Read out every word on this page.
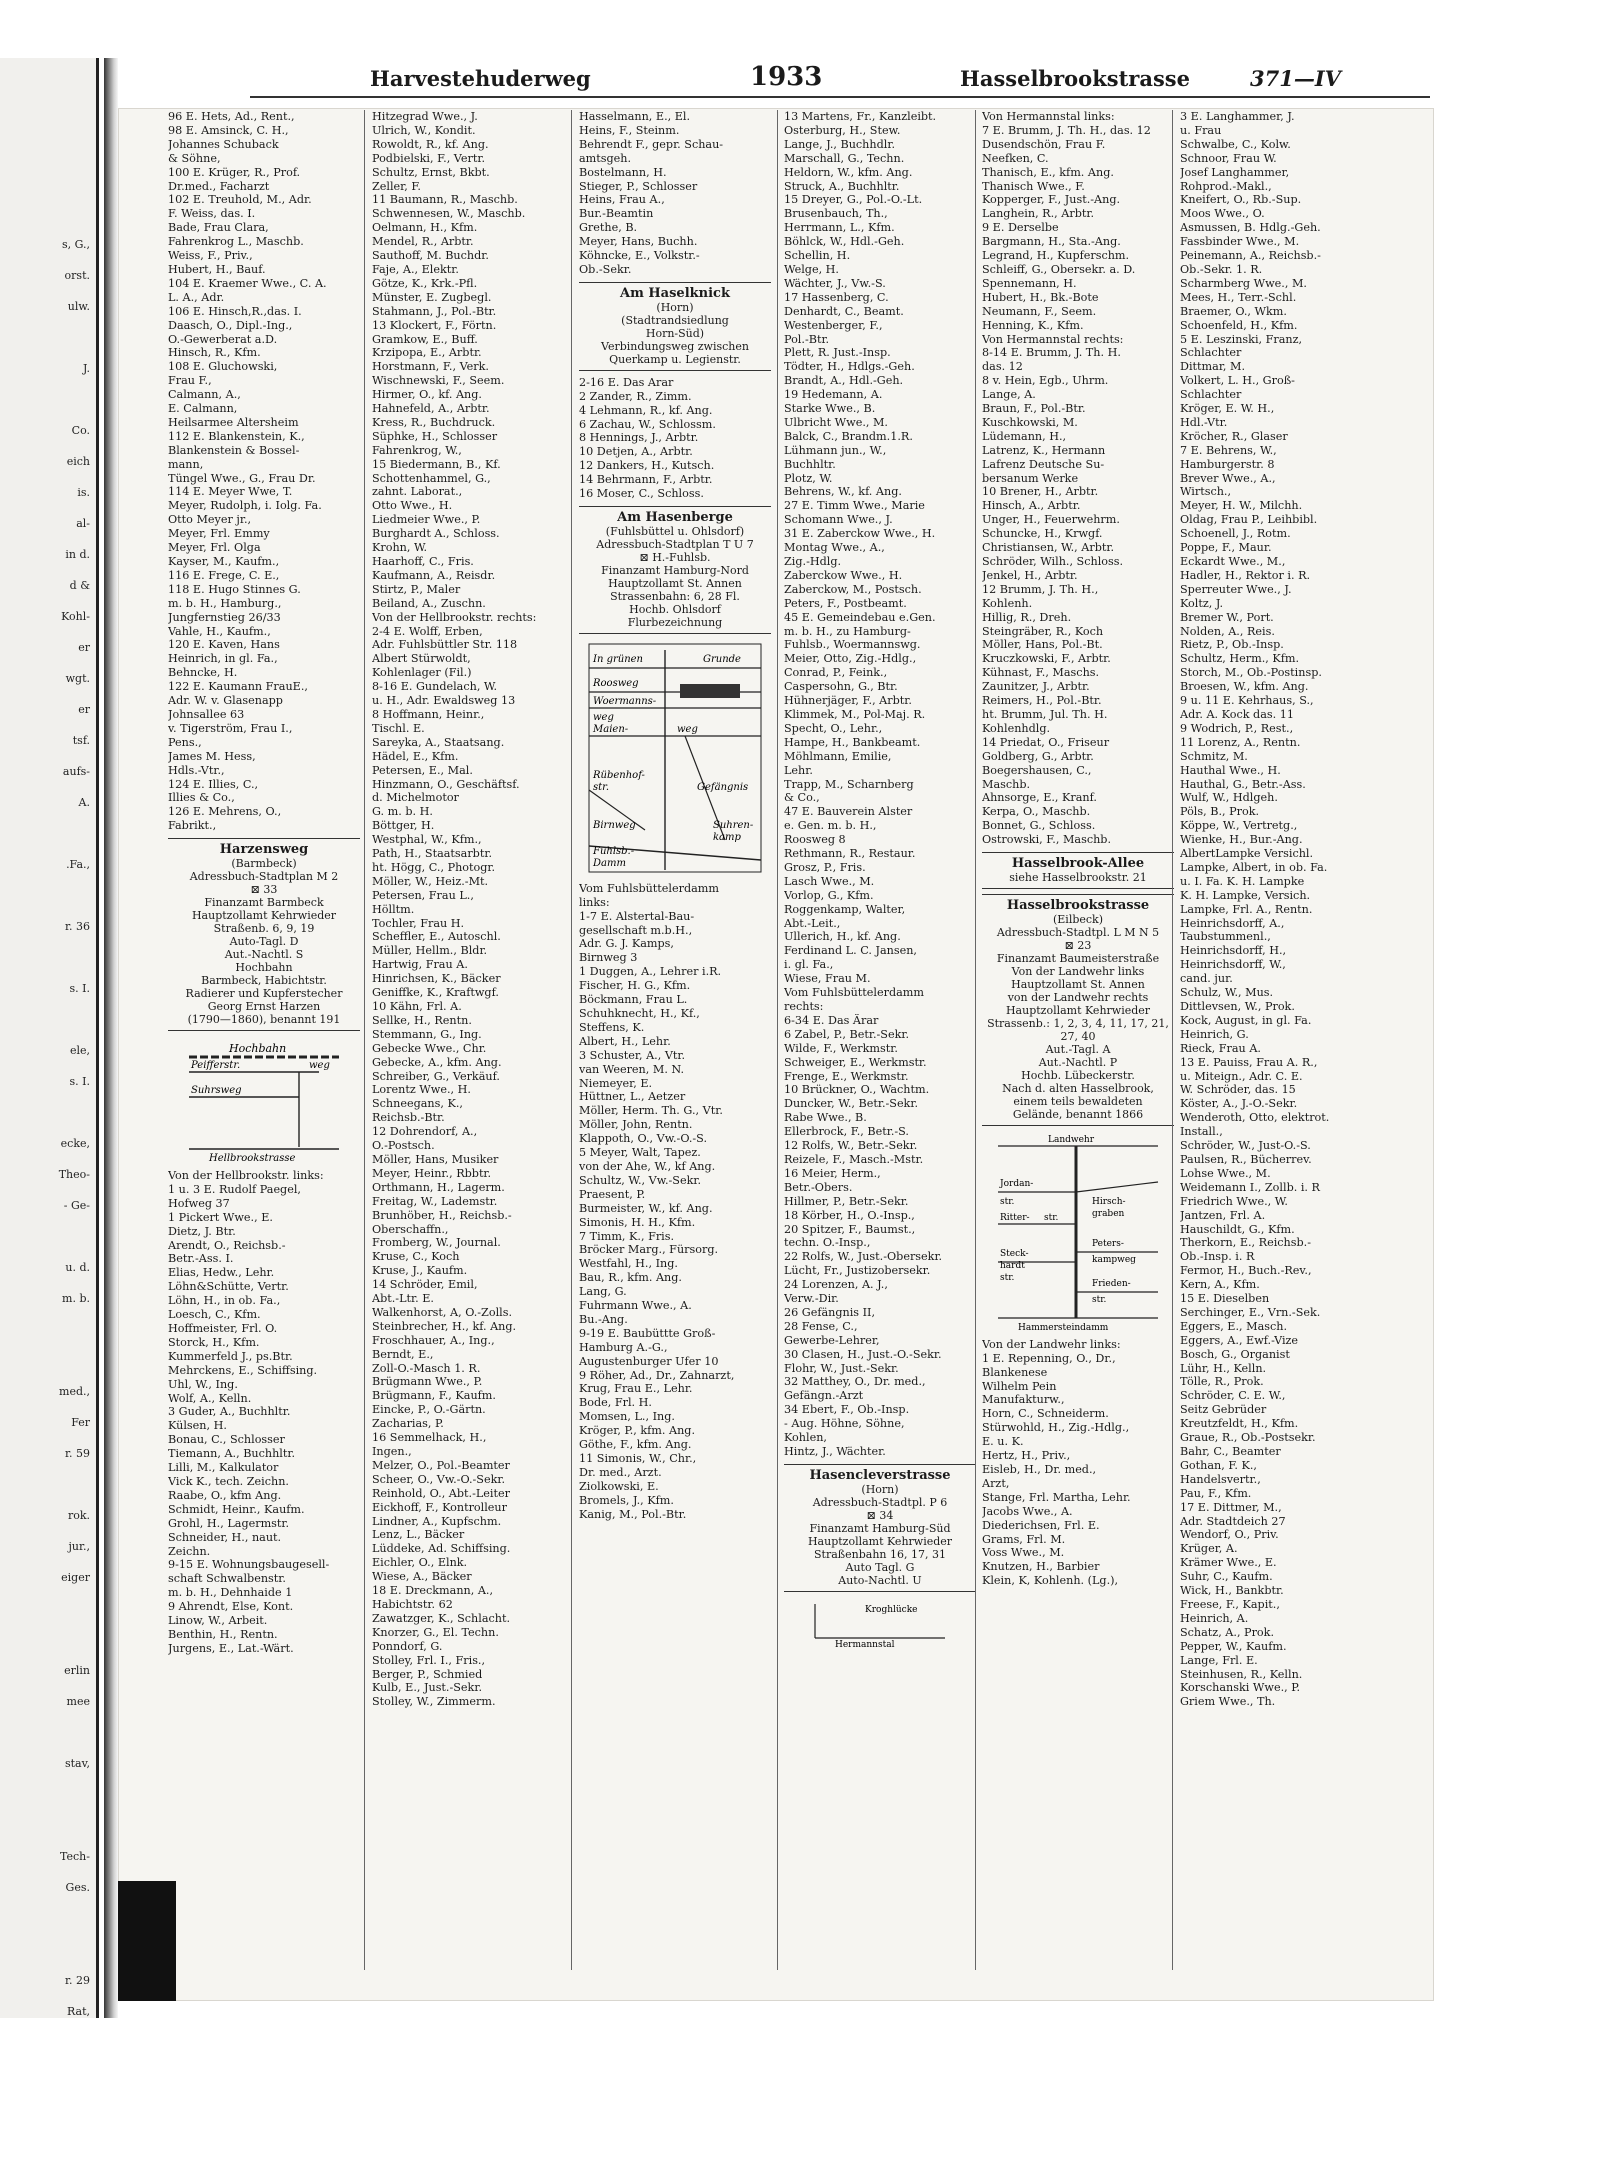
s, G.,
orst.
ulw.
J.
Co.
eich
is.
al-
in d.
d &
Kohl-
er
wgt.
er
tsf.
aufs-
A.
.Fa.,
r. 36
s. I.
ele,
s. I.
ecke,
Theo-
- Ge-
u. d.
m. b.
med.,
Fer
r. 59
rok.
jur.,
eiger
erlin
mee
stav,
Tech-
Ges.
r. 29
Rat,
Harvestehuderweg	1933	Hasselbrookstrasse	371—IV
96 E. Hets, Ad., Rent.,
98 E. Amsinck, C. H.,
Johannes Schuback
& Söhne,
100 E. Krüger, R., Prof.
Dr.med., Facharzt
102 E. Treuhold, M., Adr.
F. Weiss, das. I.
Bade, Frau Clara,
Fahrenkrog L., Maschb.
Weiss, F., Priv.,
Hubert, H., Bauf.
104 E. Kraemer Wwe., C. A.
L. A., Adr.
106 E. Hinsch,R.,das. I.
Daasch, O., Dipl.-Ing.,
O.-Gewerberat a.D.
Hinsch, R., Kfm.
108 E. Gluchowski,
Frau F.,
Calmann, A.,
E. Calmann,
Heilsarmee Altersheim
112 E. Blankenstein, K.,
Blankenstein & Bossel-
mann,
Tüngel Wwe., G., Frau Dr.
114 E. Meyer Wwe, T.
Meyer, Rudolph, i. Iolg. Fa.
Otto Meyer jr.,
Meyer, Frl. Emmy
Meyer, Frl. Olga
Kayser, M., Kaufm.,
116 E. Frege, C. E.,
118 E. Hugo Stinnes G.
m. b. H., Hamburg.,
Jungfernstieg 26/33
Vahle, H., Kaufm.,
120 E. Kaven, Hans
Heinrich, in gl. Fa.,
Behncke, H.
122 E. Kaumann FrauE.,
Adr. W. v. Glasenapp
Johnsallee 63
v. Tigerström, Frau I.,
Pens.,
James M. Hess,
Hdls.-Vtr.,
124 E. Illies, C.,
Illies & Co.,
126 E. Mehrens, O.,
Fabrikt.,
Harzensweg
(Barmbeck)
Adressbuch-Stadtplan M 2
⊠ 33
Finanzamt Barmbeck
Hauptzollamt Kehrwieder
Straßenb. 6, 9, 19
Auto-Tagl. D
Aut.-Nachtl. S
Hochbahn
Barmbeck, Habichtstr.
Radierer und Kupferstecher
Georg Ernst Harzen
(1790—1860), benannt 191
Hochbahn
Peifferstr.	weg
Suhrsweg
Hellbrookstrasse
Von der Hellbrookstr. links:
1 u. 3 E. Rudolf Paegel,
Hofweg 37
1 Pickert Wwe., E.
Dietz, J. Btr.
Arendt, O., Reichsb.-
Betr.-Ass. I.
Elias, Hedw., Lehr.
Löhn&Schütte, Vertr.
Löhn, H., in ob. Fa.,
Loesch, C., Kfm.
Hoffmeister, Frl. O.
Storck, H., Kfm.
Kummerfeld J., ps.Btr.
Mehrckens, E., Schiffsing.
Uhl, W., Ing.
Wolf, A., Kelln.
3 Guder, A., Buchhltr.
Külsen, H.
Bonau, C., Schlosser
Tiemann, A., Buchhltr.
Lilli, M., Kalkulator
Vick K., tech. Zeichn.
Raabe, O., kfm Ang.
Schmidt, Heinr., Kaufm.
Grohl, H., Lagermstr.
Schneider, H., naut.
Zeichn.
9-15 E. Wohnungsbaugesell-
schaft Schwalbenstr.
m. b. H., Dehnhaide 1
9 Ahrendt, Else, Kont.
Linow, W., Arbeit.
Benthin, H., Rentn.
Jurgens, E., Lat.-Wärt.
Hitzegrad Wwe., J.
Ulrich, W., Kondit.
Rowoldt, R., kf. Ang.
Podbielski, F., Vertr.
Schultz, Ernst, Bkbt.
Zeller, F.
11 Baumann, R., Maschb.
Schwennesen, W., Maschb.
Oelmann, H., Kfm.
Mendel, R., Arbtr.
Sauthoff, M. Buchdr.
Faje, A., Elektr.
Götze, K., Krk.-Pfl.
Münster, E. Zugbegl.
Stahmann, J., Pol.-Btr.
13 Klockert, F., Förtn.
Gramkow, E., Buff.
Krzipopa, E., Arbtr.
Horstmann, F., Verk.
Wischnewski, F., Seem.
Hirmer, O., kf. Ang.
Hahnefeld, A., Arbtr.
Kress, R., Buchdruck.
Süphke, H., Schlosser
Fahrenkrog, W.,
15 Biedermann, B., Kf.
Schottenhammel, G.,
zahnt. Laborat.,
Otto Wwe., H.
Liedmeier Wwe., P.
Burghardt A., Schloss.
Krohn, W.
Haarhoff, C., Fris.
Kaufmann, A., Reisdr.
Stirtz, P., Maler
Beiland, A., Zuschn.
Von der Hellbrookstr. rechts:
2-4 E. Wolff, Erben,
Adr. Fuhlsbüttler Str. 118
Albert Stürwoldt,
Kohlenlager (Fil.)
8-16 E. Gundelach, W.
u. H., Adr. Ewaldsweg 13
8 Hoffmann, Heinr.,
Tischl. E.
Sareyka, A., Staatsang.
Hädel, E., Kfm.
Petersen, E., Mal.
Hinzmann, O., Geschäftsf.
d. Michelmotor
G. m. b. H.
Böttger, H.
Westphal, W., Kfm.,
Path, H., Staatsarbtr.
ht. Högg, C., Photogr.
Möller, W., Heiz.-Mt.
Petersen, Frau L.,
Hölltm.
Tochler, Frau H.
Scheffler, E., Autoschl.
Müller, Hellm., Bldr.
Hartwig, Frau A.
Hinrichsen, K., Bäcker
Geniffke, K., Kraftwgf.
10 Kähn, Frl. A.
Sellke, H., Rentn.
Stemmann, G., Ing.
Gebecke Wwe., Chr.
Gebecke, A., kfm. Ang.
Schreiber, G., Verkäuf.
Lorentz Wwe., H.
Schneegans, K.,
Reichsb.-Btr.
12 Dohrendorf, A.,
O.-Postsch.
Möller, Hans, Musiker
Meyer, Heinr., Rbbtr.
Orthmann, H., Lagerm.
Freitag, W., Lademstr.
Brunhöber, H., Reichsb.-
Oberschaffn.,
Fromberg, W., Journal.
Kruse, C., Koch
Kruse, J., Kaufm.
14 Schröder, Emil,
Abt.-Ltr. E.
Walkenhorst, A, O.-Zolls.
Steinbrecher, H., kf. Ang.
Froschhauer, A., Ing.,
Berndt, E.,
Zoll-O.-Masch 1. R.
Brügmann Wwe., P.
Brügmann, F., Kaufm.
Eincke, P., O.-Gärtn.
Zacharias, P.
16 Semmelhack, H.,
Ingen.,
Melzer, O., Pol.-Beamter
Scheer, O., Vw.-O.-Sekr.
Reinhold, O., Abt.-Leiter
Eickhoff, F., Kontrolleur
Lindner, A., Kupfschm.
Lenz, L., Bäcker
Lüddeke, Ad. Schiffsing.
Eichler, O., Elnk.
Wiese, A., Bäcker
18 E. Dreckmann, A.,
Habichtstr. 62
Zawatzger, K., Schlacht.
Knorzer, G., El. Techn.
Ponndorf, G.
Stolley, Frl. I., Fris.,
Berger, P., Schmied
Kulb, E., Just.-Sekr.
Stolley, W., Zimmerm.
Hasselmann, E., El.
Heins, F., Steinm.
Behrendt F., gepr. Schau-
amtsgeh.
Bostelmann, H.
Stieger, P., Schlosser
Heins, Frau A.,
Bur.-Beamtin
Grethe, B.
Meyer, Hans, Buchh.
Köhncke, E., Volkstr.-
Ob.-Sekr.
Am Haselknick
(Horn)
(Stadtrandsiedlung
Horn-Süd)
Verbindungsweg zwischen
Querkamp u. Legienstr.
2-16 E. Das Arar
2 Zander, R., Zimm.
4 Lehmann, R., kf. Ang.
6 Zachau, W., Schlossm.
8 Hennings, J., Arbtr.
10 Detjen, A., Arbtr.
12 Dankers, H., Kutsch.
14 Behrmann, F., Arbtr.
16 Moser, C., Schloss.
Am Hasenberge
(Fuhlsbüttel u. Ohlsdorf)
Adressbuch-Stadtplan T U 7
⊠ H.-Fuhlsb.
Finanzamt Hamburg-Nord
Hauptzollamt St. Annen
Strassenbahn: 6, 28 Fl.
Hochb. Ohlsdorf
Flurbezeichnung
In grünen	Grunde
Roosweg
Woermanns-
weg
Maien-	weg
Rübenhof-
str.	Gefängnis
Birnweg
Fuhlsb.-
Damm
Suhren-
kamp
Vom Fuhlsbüttelerdamm
links:
1-7 E. Alstertal-Bau-
gesellschaft m.b.H.,
Adr. G. J. Kamps,
Birnweg 3
1 Duggen, A., Lehrer i.R.
Fischer, H. G., Kfm.
Böckmann, Frau L.
Schuhknecht, H., Kf.,
Steffens, K.
Albert, H., Lehr.
3 Schuster, A., Vtr.
van Weeren, M. N.
Niemeyer, E.
Hüttner, L., Aetzer
Möller, Herm. Th. G., Vtr.
Möller, John, Rentn.
Klappoth, O., Vw.-O.-S.
5 Meyer, Walt, Tapez.
von der Ahe, W., kf Ang.
Schultz, W., Vw.-Sekr.
Praesent, P.
Burmeister, W., kf. Ang.
Simonis, H. H., Kfm.
7 Timm, K., Fris.
Bröcker Marg., Fürsorg.
Westfahl, H., Ing.
Bau, R., kfm. Ang.
Lang, G.
Fuhrmann Wwe., A.
Bu.-Ang.
9-19 E. Baubüttte Groß-
Hamburg A.-G.,
Augustenburger Ufer 10
9 Röher, Ad., Dr., Zahnarzt,
Krug, Frau E., Lehr.
Bode, Frl. H.
Momsen, L., Ing.
Kröger, P., kfm. Ang.
Göthe, F., kfm. Ang.
11 Simonis, W., Chr.,
Dr. med., Arzt.
Ziolkowski, E.
Bromels, J., Kfm.
Kanig, M., Pol.-Btr.
13 Martens, Fr., Kanzleibt.
Osterburg, H., Stew.
Lange, J., Buchhdlr.
Marschall, G., Techn.
Heldorn, W., kfm. Ang.
Struck, A., Buchhltr.
15 Dreyer, G., Pol.-O.-Lt.
Brusenbauch, Th.,
Herrmann, L., Kfm.
Böhlck, W., Hdl.-Geh.
Schellin, H.
Welge, H.
Wächter, J., Vw.-S.
17 Hassenberg, C.
Denhardt, C., Beamt.
Westenberger, F.,
Pol.-Btr.
Plett, R. Just.-Insp.
Tödter, H., Hdlgs.-Geh.
Brandt, A., Hdl.-Geh.
19 Hedemann, A.
Starke Wwe., B.
Ulbricht Wwe., M.
Balck, C., Brandm.1.R.
Lühmann jun., W.,
Buchhltr.
Plotz, W.
Behrens, W., kf. Ang.
27 E. Timm Wwe., Marie
Schomann Wwe., J.
31 E. Zaberckow Wwe., H.
Montag Wwe., A.,
Zig.-Hdlg.
Zaberckow Wwe., H.
Zaberckow, M., Postsch.
Peters, F., Postbeamt.
45 E. Gemeindebau e.Gen.
m. b. H., zu Hamburg-
Fuhlsb., Woermannswg.
Meier, Otto, Zig.-Hdlg.,
Conrad, P., Feink.,
Caspersohn, G., Btr.
Hühnerjäger, F., Arbtr.
Klimmek, M., Pol-Maj. R.
Specht, O., Lehr.,
Hampe, H., Bankbeamt.
Möhlmann, Emilie,
Lehr.
Trapp, M., Scharnberg
& Co.,
47 E. Bauverein Alster
e. Gen. m. b. H.,
Roosweg 8
Rethmann, R., Restaur.
Grosz, P., Fris.
Lasch Wwe., M.
Vorlop, G., Kfm.
Roggenkamp, Walter,
Abt.-Leit.,
Ullerich, H., kf. Ang.
Ferdinand L. C. Jansen,
i. gl. Fa.,
Wiese, Frau M.
Vom Fuhlsbüttelerdamm
rechts:
6-34 E. Das Ärar
6 Zabel, P., Betr.-Sekr.
Wilde, F., Werkmstr.
Schweiger, E., Werkmstr.
Frenge, E., Werkmstr.
10 Brückner, O., Wachtm.
Duncker, W., Betr.-Sekr.
Rabe Wwe., B.
Ellerbrock, F., Betr.-S.
12 Rolfs, W., Betr.-Sekr.
Reizele, F., Masch.-Mstr.
16 Meier, Herm.,
Betr.-Obers.
Hillmer, P., Betr.-Sekr.
18 Körber, H., O.-Insp.,
20 Spitzer, F., Baumst.,
techn. O.-Insp.,
22 Rolfs, W., Just.-Obersekr.
Lücht, Fr., Justizobersekr.
24 Lorenzen, A. J.,
Verw.-Dir.
26 Gefängnis II,
28 Fense, C.,
Gewerbe-Lehrer,
30 Clasen, H., Just.-O.-Sekr.
Flohr, W., Just.-Sekr.
32 Matthey, O., Dr. med.,
Gefängn.-Arzt
34 Ebert, F., Ob.-Insp.
- Aug. Höhne, Söhne,
Kohlen,
Hintz, J., Wächter.
Hasencleverstrasse
(Horn)
Adressbuch-Stadtpl. P 6
⊠ 34
Finanzamt Hamburg-Süd
Hauptzollamt Kehrwieder
Straßenbahn 16, 17, 31
Auto Tagl. G
Auto-Nachtl. U
Kroghlücke
Hermannstal
Von Hermannstal links:
7 E. Brumm, J. Th. H., das. 12
Dusendschön, Frau F.
Neefken, C.
Thanisch, E., kfm. Ang.
Thanisch Wwe., F.
Kopperger, F., Just.-Ang.
Langhein, R., Arbtr.
9 E. Derselbe
Bargmann, H., Sta.-Ang.
Legrand, H., Kupferschm.
Schleiff, G., Obersekr. a. D.
Spennemann, H.
Hubert, H., Bk.-Bote
Neumann, F., Seem.
Henning, K., Kfm.
Von Hermannstal rechts:
8-14 E. Brumm, J. Th. H.
das. 12
8 v. Hein, Egb., Uhrm.
Lange, A.
Braun, F., Pol.-Btr.
Kuschkowski, M.
Lüdemann, H.,
Latrenz, K., Hermann
Lafrenz Deutsche Su-
bersanum Werke
10 Brener, H., Arbtr.
Hinsch, A., Arbtr.
Unger, H., Feuerwehrm.
Schuncke, H., Krwgf.
Christiansen, W., Arbtr.
Schröder, Wilh., Schloss.
Jenkel, H., Arbtr.
12 Brumm, J. Th. H.,
Kohlenh.
Hillig, R., Dreh.
Steingräber, R., Koch
Möller, Hans, Pol.-Bt.
Kruczkowski, F., Arbtr.
Kühnast, F., Maschs.
Zaunitzer, J., Arbtr.
Reimers, H., Pol.-Btr.
ht. Brumm, Jul. Th. H.
Kohlenhdlg.
14 Priedat, O., Friseur
Goldberg, G., Arbtr.
Boegershausen, C.,
Maschb.
Ahnsorge, E., Kranf.
Kerpa, O., Maschb.
Bonnet, G., Schloss.
Ostrowski, F., Maschb.
Hasselbrook-Allee
siehe Hasselbrookstr. 21
Hasselbrookstrasse
(Eilbeck)
Adressbuch-Stadtpl. L M N 5
⊠ 23
Finanzamt Baumeisterstraße
Von der Landwehr links
Hauptzollamt St. Annen
von der Landwehr rechts
Hauptzollamt Kehrwieder
Strassenb.: 1, 2, 3, 4, 11, 17, 21,
27, 40
Aut.-Tagl. A
Aut.-Nachtl. P
Hochb. Lübeckerstr.
Nach d. alten Hasselbrook,
einem teils bewaldeten
Gelände, benannt 1866
Landwehr
Jordan-
str.
Ritter- str.
Hirsch-
graben
Steck-
hardt
str.
Peters-
kampweg
Frieden-
str.
Hammersteindamm
Von der Landwehr links:
1 E. Repenning, O., Dr.,
Blankenese
Wilhelm Pein
Manufakturw.,
Horn, C., Schneiderm.
Stürwohld, H., Zig.-Hdlg.,
E. u. K.
Hertz, H., Priv.,
Eisleb, H., Dr. med.,
Arzt,
Stange, Frl. Martha, Lehr.
Jacobs Wwe., A.
Diederichsen, Frl. E.
Grams, Frl. M.
Voss Wwe., M.
Knutzen, H., Barbier
Klein, K, Kohlenh. (Lg.),
3 E. Langhammer, J.
u. Frau
Schwalbe, C., Kolw.
Schnoor, Frau W.
Josef Langhammer,
Rohprod.-Makl.,
Kneifert, O., Rb.-Sup.
Moos Wwe., O.
Asmussen, B. Hdlg.-Geh.
Fassbinder Wwe., M.
Peinemann, A., Reichsb.-
Ob.-Sekr. 1. R.
Scharmberg Wwe., M.
Mees, H., Terr.-Schl.
Braemer, O., Wkm.
Schoenfeld, H., Kfm.
5 E. Leszinski, Franz,
Schlachter
Dittmar, M.
Volkert, L. H., Groß-
Schlachter
Kröger, E. W. H.,
Hdl.-Vtr.
Kröcher, R., Glaser
7 E. Behrens, W.,
Hamburgerstr. 8
Brever Wwe., A.,
Wirtsch.,
Meyer, H. W., Milchh.
Oldag, Frau P., Leihbibl.
Schoenell, J., Rotm.
Poppe, F., Maur.
Eckardt Wwe., M.,
Hadler, H., Rektor i. R.
Sperreuter Wwe., J.
Koltz, J.
Bremer W., Port.
Nolden, A., Reis.
Rietz, P., Ob.-Insp.
Schultz, Herm., Kfm.
Storch, M., Ob.-Postinsp.
Broesen, W., kfm. Ang.
9 u. 11 E. Kehrhaus, S.,
Adr. A. Kock das. 11
9 Wodrich, P., Rest.,
11 Lorenz, A., Rentn.
Schmitz, M.
Hauthal Wwe., H.
Hauthal, G., Betr.-Ass.
Wulf, W., Hdlgeh.
Pöls, B., Prok.
Köppe, W., Vertretg.,
Wienke, H., Bur.-Ang.
AlbertLampke Versichl.
Lampke, Albert, in ob. Fa.
u. I. Fa. K. H. Lampke
K. H. Lampke, Versich.
Lampke, Frl. A., Rentn.
Heinrichsdorff, A.,
Taubstummenl.,
Heinrichsdorff, H.,
Heinrichsdorff, W.,
cand. jur.
Schulz, W., Mus.
Dittlevsen, W., Prok.
Kock, August, in gl. Fa.
Heinrich, G.
Rieck, Frau A.
13 E. Pauiss, Frau A. R.,
u. Miteign., Adr. C. E.
W. Schröder, das. 15
Köster, A., J.-O.-Sekr.
Wenderoth, Otto, elektrot.
Install.,
Schröder, W., Just-O.-S.
Paulsen, R., Bücherrev.
Lohse Wwe., M.
Weidemann I., Zollb. i. R
Friedrich Wwe., W.
Jantzen, Frl. A.
Hauschildt, G., Kfm.
Therkorn, E., Reichsb.-
Ob.-Insp. i. R
Fermor, H., Buch.-Rev.,
Kern, A., Kfm.
15 E. Dieselben
Serchinger, E., Vrn.-Sek.
Eggers, E., Masch.
Eggers, A., Ewf.-Vize
Bosch, G., Organist
Lühr, H., Kelln.
Tölle, R., Prok.
Schröder, C. E. W.,
Seitz Gebrüder
Kreutzfeldt, H., Kfm.
Graue, R., Ob.-Postsekr.
Bahr, C., Beamter
Gothan, F. K.,
Handelsvertr.,
Pau, F., Kfm.
17 E. Dittmer, M.,
Adr. Stadtdeich 27
Wendorf, O., Priv.
Krüger, A.
Krämer Wwe., E.
Suhr, C., Kaufm.
Wick, H., Bankbtr.
Freese, F., Kapit.,
Heinrich, A.
Schatz, A., Prok.
Pepper, W., Kaufm.
Lange, Frl. E.
Steinhusen, R., Kelln.
Korschanski Wwe., P.
Griem Wwe., Th.
